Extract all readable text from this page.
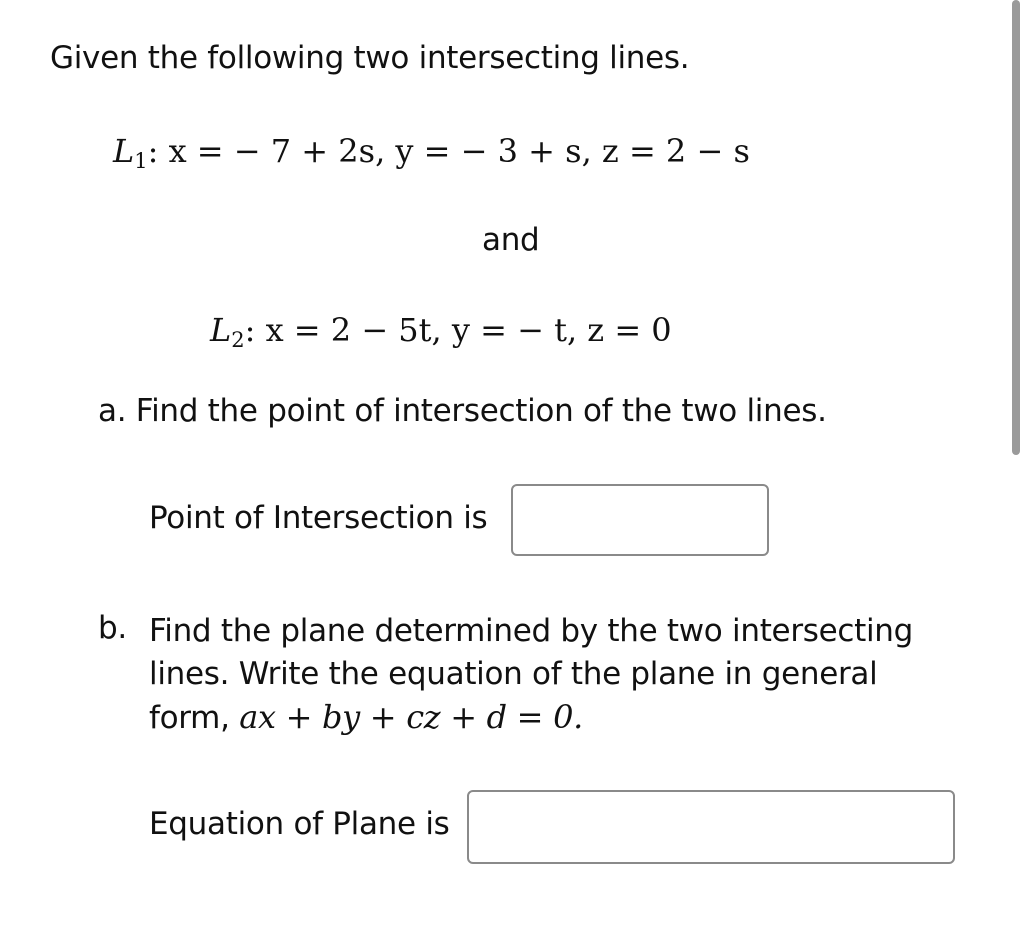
Given the following two intersecting lines.
$L_1$: x = − 7 + 2s, y = − 3 + s, z = 2 − s
and
$L_2$: x = 2 − 5t, y = − t, z = 0
a. Find the point of intersection of the two lines.
Point of Intersection is
b. Find the plane determined by the two intersecting
lines. Write the equation of the plane in general
form, ax + by + cz + d = 0.
Equation of Plane is
